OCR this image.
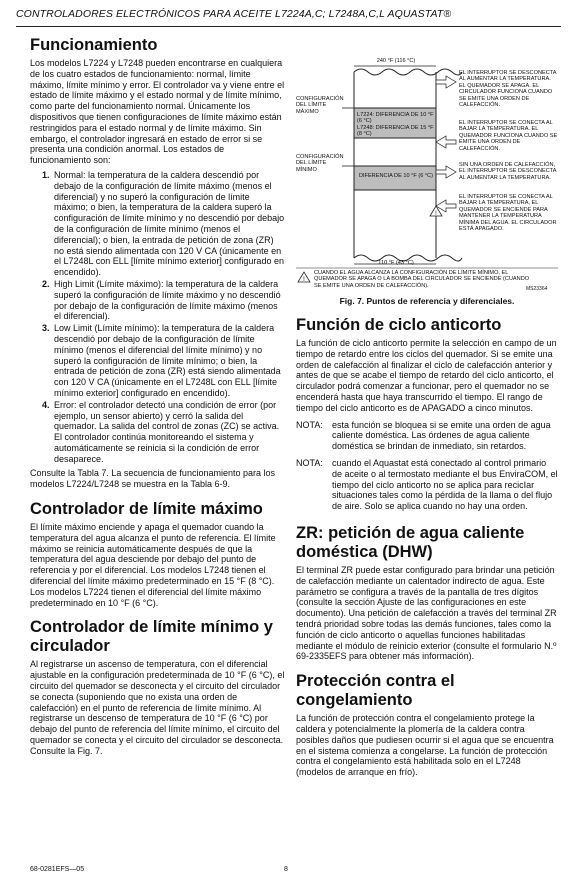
CONTROLADORES ELECTRÓNICOS PARA ACEITE L7224A,C; L7248A,C,L AQUASTAT®
Funcionamiento

Los modelos L7224 y L7248 pueden encontrarse en cualquiera de los cuatro estados de funcionamiento: normal, límite máximo, límite mínimo y error. El controlador va y viene entre el estado de límite máximo y el estado normal y de límite mínimo, como parte del funcionamiento normal. Únicamente los dispositivos que tienen configuraciones de límite máximo están restringidos para el estado normal y de límite máximo. Sin embargo, el controlador ingresará en estado de error si se presenta una condición anormal. Los estados de funcionamiento son:

1. Normal: la temperatura de la caldera descendió por debajo de la configuración de límite máximo (menos el diferencial) y no superó la configuración de límite máximo; o bien, la temperatura de la caldera superó la configuración de límite mínimo y no descendió por debajo de la configuración de límite mínimo (menos el diferencial); o bien, la entrada de petición de zona (ZR) no está siendo alimentada con 120 V CA (únicamente en el L7248L con ELL [límite mínimo exterior] configurado en encendido).
2. High Limit (Límite máximo): la temperatura de la caldera superó la configuración de límite máximo y no descendió por debajo de la configuración de límite máximo (menos el diferencial).
3. Low Limit (Límite mínimo): la temperatura de la caldera descendió por debajo de la configuración de límite mínimo (menos el diferencial del límite mínimo) y no superó la configuración de límite mínimo; o bien, la entrada de petición de zona (ZR) está siendo alimentada con 120 V CA (únicamente en el L7248L con ELL [límite mínimo exterior] configurado en encendido).
4. Error: el controlador detectó una condición de error (por ejemplo, un sensor abierto) y cerró la salida del quemador. La salida del control de zonas (ZC) se activa. El controlador continúa monitoreando el sistema y automáticamente se reinicia si la condición de error desaparece.

Consulte la Tabla 7. La secuencia de funcionamiento para los modelos L7224/L7248 se muestra en la Tabla 6-9.

Controlador de límite máximo

El límite máximo enciende y apaga el quemador cuando la temperatura del agua alcanza el punto de referencia. El límite máximo se reinicia automáticamente después de que la temperatura del agua desciende por debajo del punto de referencia y por el diferencial. Los modelos L7248 tienen el diferencial del límite máximo predeterminado en 15 °F (8 °C). Los modelos L7224 tienen el diferencial del límite máximo predeterminado en 10 °F (6 °C).

Controlador de límite mínimo y circulador

Al registrarse un ascenso de temperatura, con el diferencial ajustable en la configuración predeterminada de 10 °F (6 °C), el circuito del quemador se desconecta y el circuito del circulador se conecta (suponiendo que no exista una orden de calefacción) en el punto de referencia de límite mínimo. Al registrarse un descenso de temperatura de 10 °F (6 °C) por debajo del punto de referencia del límite mínimo, el circuito del quemador se conecta y el circuito del circulador se desconecta. Consulte la Fig. 7.

!
!
240 °F (116 °C)
CONFIGURACIÓN DEL LÍMITE MÁXIMO
L7224: DIFERENCIA DE 10 °F (6 °C)
L7248: DIFERENCIA DE 15 °F (8 °C)
CONFIGURACIÓN DEL LÍMITE MÍNIMO
DIFERENCIA DE 10 °F (6 °C)
EL INTERRUPTOR SE DESCONECTA AL AUMENTAR LA TEMPERATURA. EL QUEMADOR SE APAGA. EL CIRCULADOR FUNCIONA CUANDO SE EMITE UNA ORDEN DE CALEFACCIÓN.
EL INTERRUPTOR SE CONECTA AL BAJAR LA TEMPERATURA. EL QUEMADOR FUNCIONA CUANDO SE EMITE UNA ORDEN DE CALEFACCIÓN.
SIN UNA ORDEN DE CALEFACCIÓN, EL INTERRUPTOR SE DESCONECTA AL AUMENTAR LA TEMPERATURA.
EL INTERRUPTOR SE CONECTA AL BAJAR LA TEMPERATURA, EL QUEMADOR SE ENCIENDE PARA MANTENER LA TEMPERATURA MÍNIMA DEL AGUA. EL CIRCULADOR ESTÁ APAGADO.
110 °F (43 °C)
CUANDO EL AGUA ALCANZA LA CONFIGURACIÓN DE LÍMITE MÍNIMO, EL QUEMADOR SE APAGA O LA BOMBA DEL CIRCULADOR SE ENCIENDE (CUANDO SE EMITE UNA ORDEN DE CALEFACCIÓN).
MS23364
Fig. 7. Puntos de referencia y diferenciales.
Función de ciclo anticorto

La función de ciclo anticorto permite la selección en campo de un tiempo de retardo entre los ciclos del quemador. Si se emite una orden de calefacción al finalizar el ciclo de calefacción anterior y antes de que se acabe el tiempo de retardo del ciclo anticorto, el circulador podrá comenzar a funcionar, pero el quemador no se encenderá hasta que haya transcurrido el tiempo. El rango de tiempo del ciclo anticorto es de APAGADO a cinco minutos.

NOTA:	esta función se bloquea si se emite una orden de agua caliente doméstica. Las órdenes de agua caliente doméstica se brindan de inmediato, sin retardos.
NOTA:	cuando el Aquastat está conectado al control primario de aceite o al termostato mediante el bus EnviraCOM, el tiempo del ciclo anticorto no se aplica para recicIar situaciones tales como la pérdida de la llama o del flujo de aire. Solo se aplica cuando no hay una orden.
ZR: petición de agua caliente doméstica (DHW)

El terminal ZR puede estar configurado para brindar una petición de calefacción mediante un calentador indirecto de agua. Este parámetro se configura a través de la pantalla de tres dígitos (consulte la sección Ajuste de las configuraciones en este documento). Una petición de calefacción a través del terminal ZR tendrá prioridad sobre todas las demás funciones, tales como la función de ciclo anticorto o aquellas funciones habilitadas mediante el módulo de reinicio exterior (consulte el formulario N.º 69-2335EFS para obtener más información).

Protección contra el congelamiento

La función de protección contra el congelamiento protege la caldera y potencialmente la plomería de la caldera contra posibles daños que pudiesen ocurrir si el agua que se encuentra en el sistema comienza a congelarse. La función de protección contra el congelamiento está habilitada solo en el L7248 (modelos de arranque en frío).

68-0281EFS—05	8
